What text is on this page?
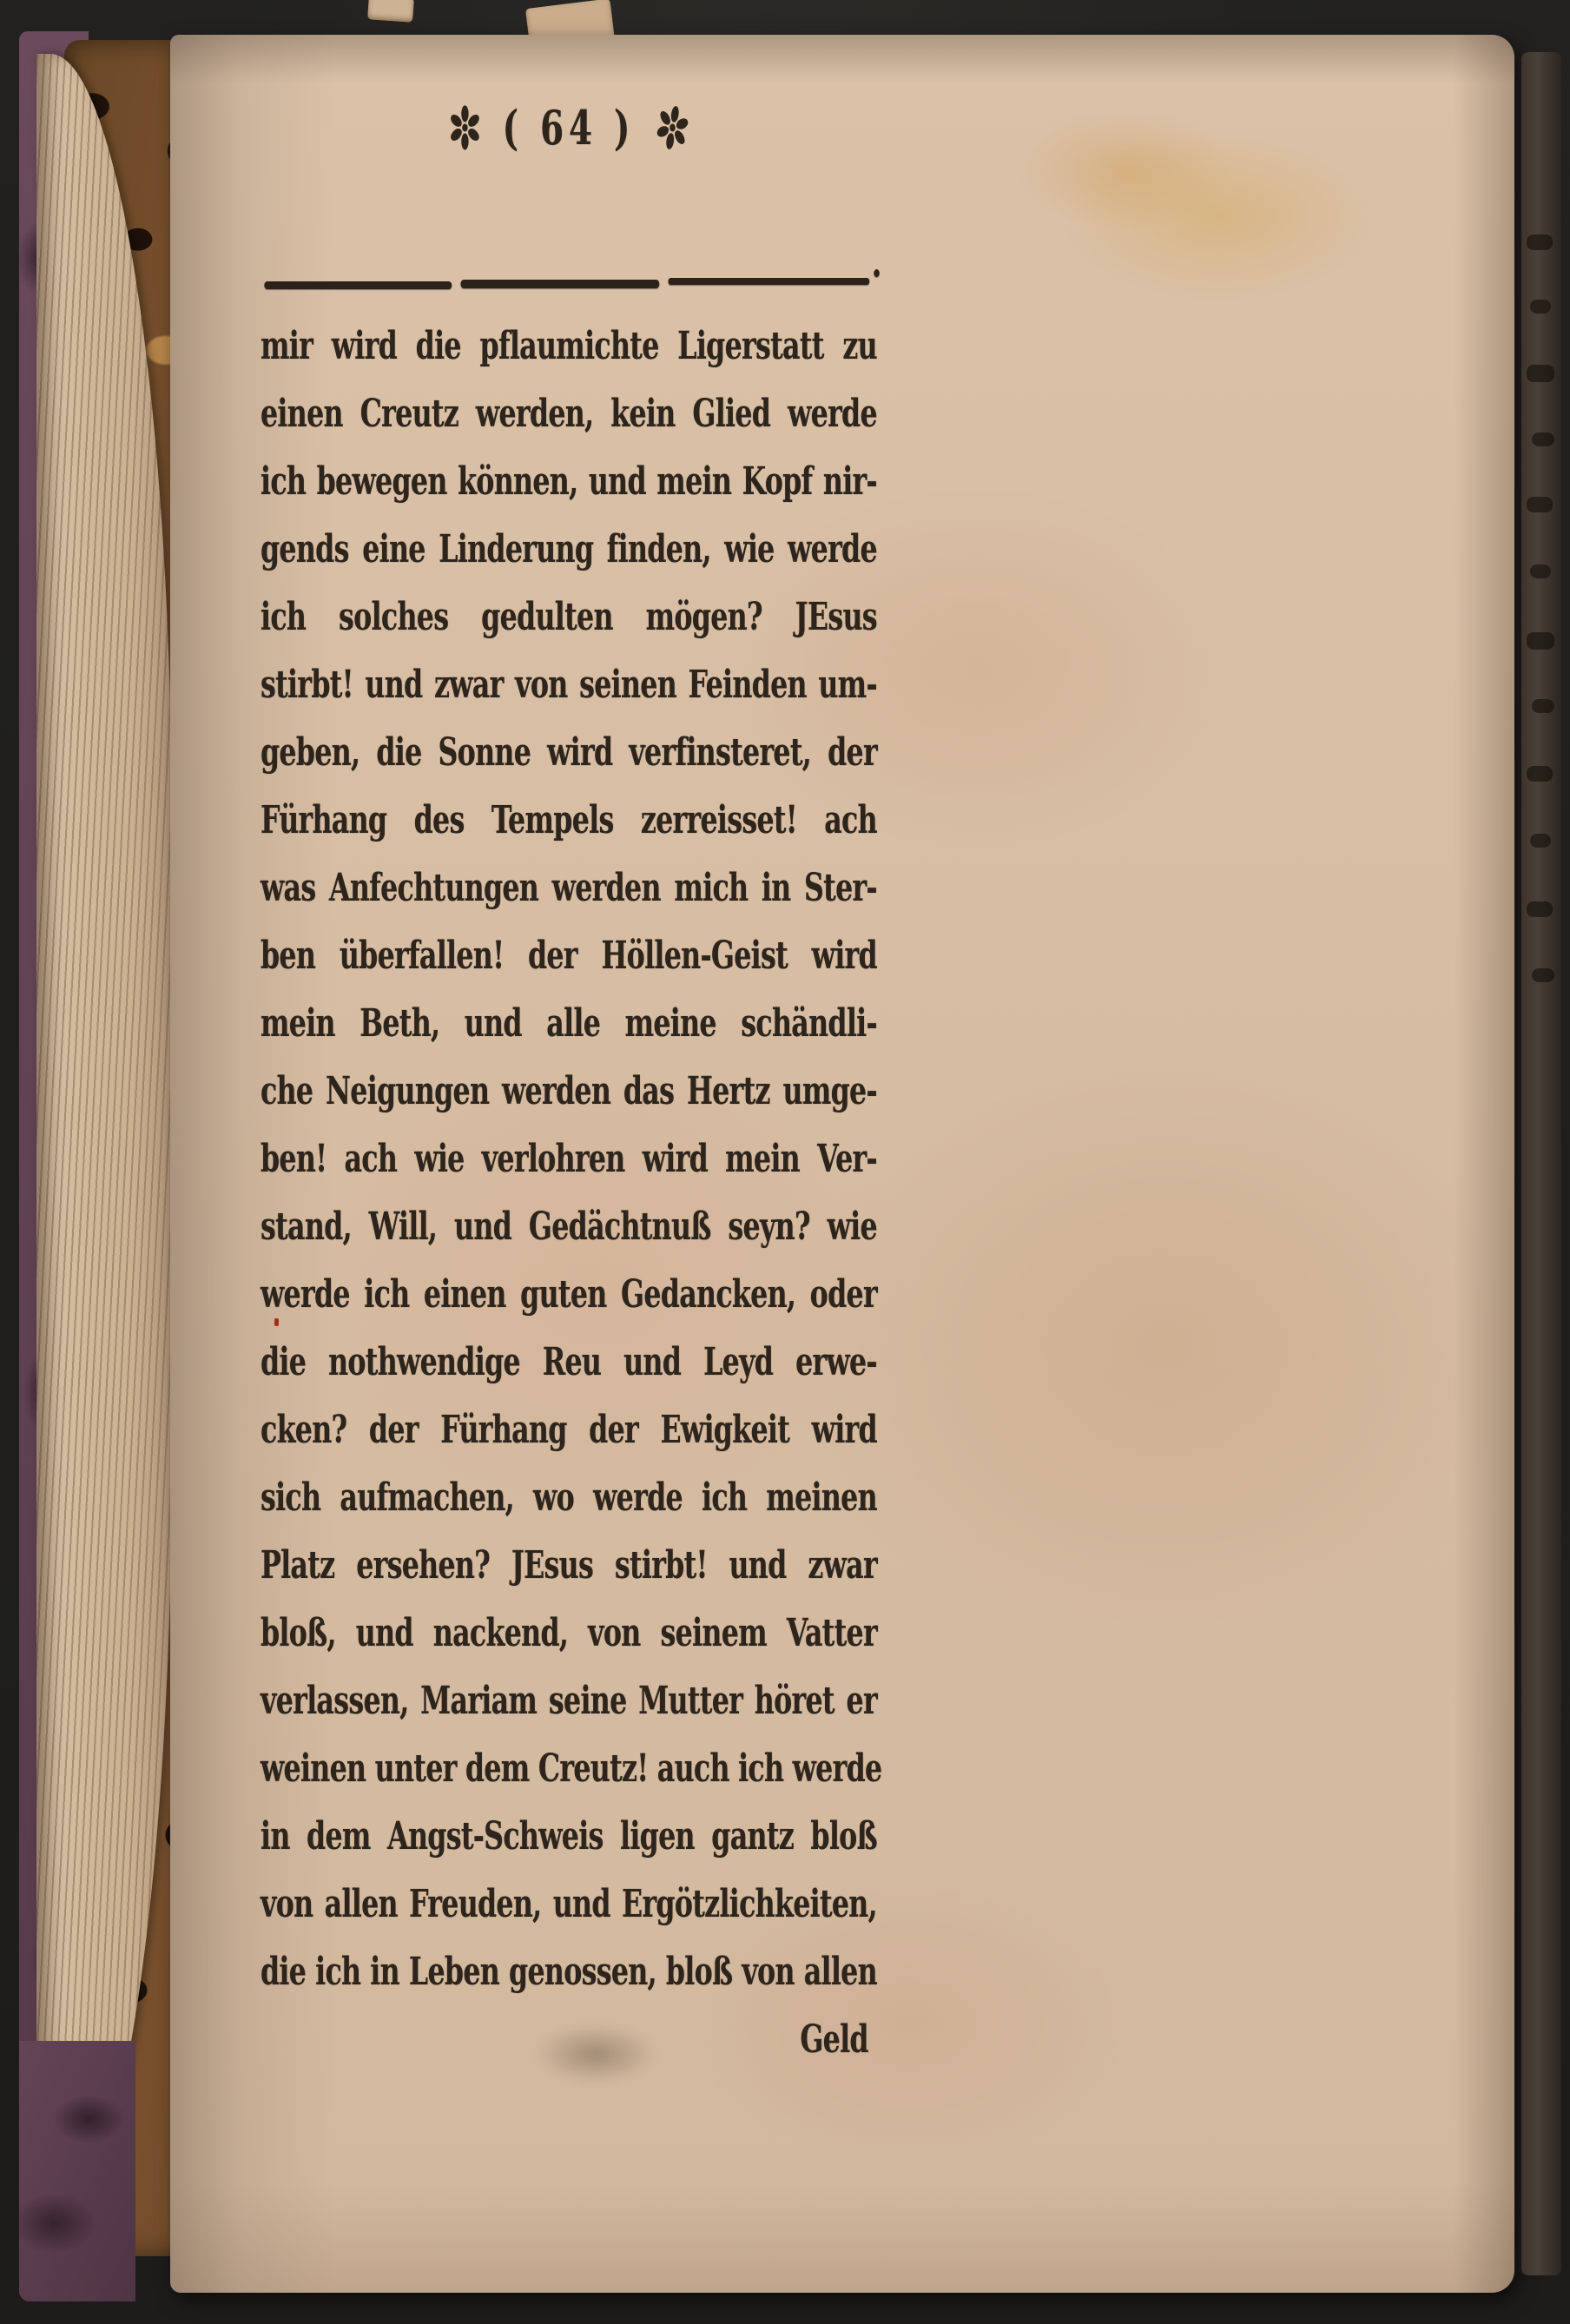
( 64 )
mir wird die pflaumichte Ligerstatt zu
einen Creutz werden, kein Glied werde
ich bewegen können, und mein Kopf nir-
gends eine Linderung finden, wie werde
ich solches gedulten mögen? JEsus
stirbt! und zwar von seinen Feinden um-
geben, die Sonne wird verfinsteret, der
Fürhang des Tempels zerreisset! ach
was Anfechtungen werden mich in Ster-
ben überfallen! der Höllen-Geist wird
mein Beth, und alle meine schändli-
che Neigungen werden das Hertz umge-
ben! ach wie verlohren wird mein Ver-
stand, Will, und Gedächtnuß seyn? wie
werde ich einen guten Gedancken, oder
die nothwendige Reu und Leyd erwe-
cken? der Fürhang der Ewigkeit wird
sich aufmachen, wo werde ich meinen
Platz ersehen? JEsus stirbt! und zwar
bloß, und nackend, von seinem Vatter
verlassen, Mariam seine Mutter höret er
weinen unter dem Creutz! auch ich werde
in dem Angst-Schweis ligen gantz bloß
von allen Freuden, und Ergötzlichkeiten,
die ich in Leben genossen, bloß von allen
Geld
